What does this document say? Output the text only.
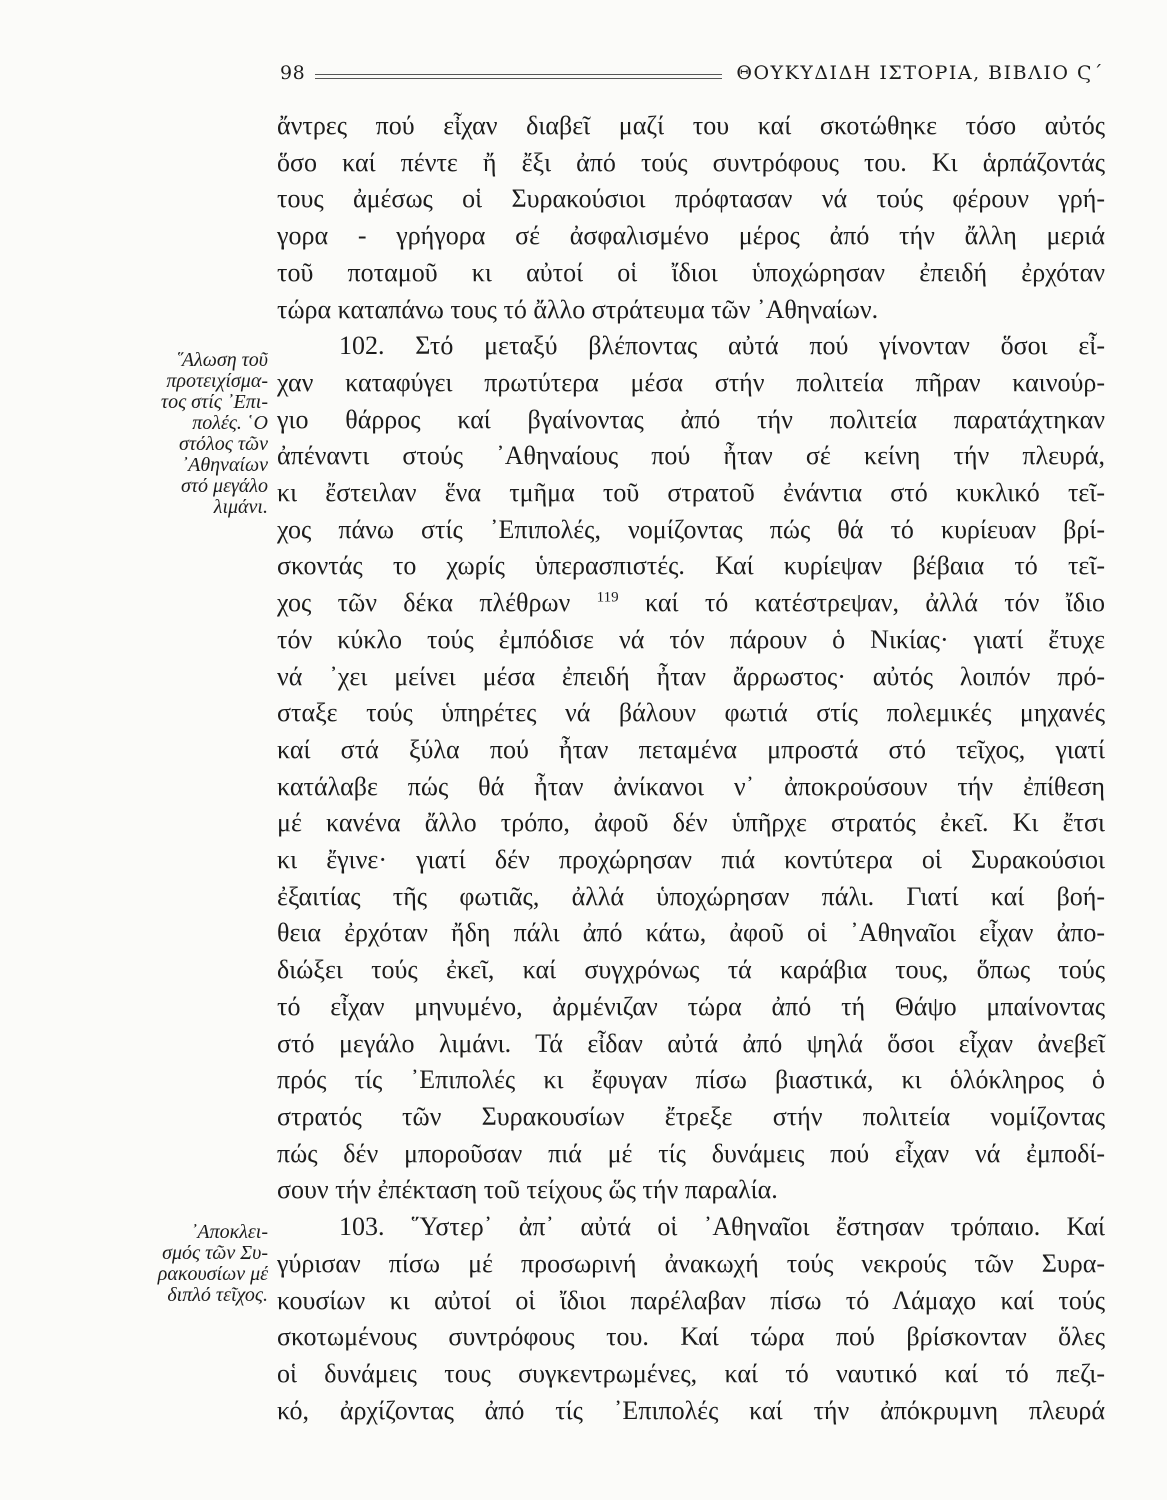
98	ΘΟΥΚΥΔΙΔΗ ΙΣΤΟΡΙΑ, ΒΙΒΛΙΟ Ϛ΄
῞Αλωση τοῦ
προτειχίσμα-
τος στίς ᾿Επι-
πολές. ῾Ο
στόλος τῶν
᾿Αθηναίων
στό μεγάλο
λιμάνι.
᾿Αποκλει-
σμός τῶν Συ-
ρακουσίων μέ
διπλό τεῖχος.
ἄντρες πού εἶχαν διαβεῖ μαζί του καί σκοτώθηκε τόσο αὐτός
ὅσο καί πέντε ἤ ἔξι ἀπό τούς συντρόφους του. Κι ἁρπάζοντάς
τους ἀμέσως οἱ Συρακούσιοι πρόφτασαν νά τούς φέρουν γρή-
γορα - γρήγορα σέ ἀσφαλισμένο μέρος ἀπό τήν ἄλλη μεριά
τοῦ ποταμοῦ κι αὐτοί οἱ ἴδιοι ὑποχώρησαν ἐπειδή ἐρχόταν
τώρα καταπάνω τους τό ἄλλο στράτευμα τῶν ᾿Αθηναίων.
102. Στό μεταξύ βλέποντας αὐτά πού γίνονταν ὅσοι εἶ-
χαν καταφύγει πρωτύτερα μέσα στήν πολιτεία πῆραν καινούρ-
γιο θάρρος καί βγαίνοντας ἀπό τήν πολιτεία παρατάχτηκαν
ἀπέναντι στούς ᾿Αθηναίους πού ἦταν σέ κείνη τήν πλευρά,
κι ἔστειλαν ἕνα τμῆμα τοῦ στρατοῦ ἐνάντια στό κυκλικό τεῖ-
χος πάνω στίς ᾿Επιπολές, νομίζοντας πώς θά τό κυρίευαν βρί-
σκοντάς το χωρίς ὑπερασπιστές. Καί κυρίεψαν βέβαια τό τεῖ-
χος τῶν δέκα πλέθρων $^{119}$ καί τό κατέστρεψαν, ἀλλά τόν ἴδιο
τόν κύκλο τούς ἐμπόδισε νά τόν πάρουν ὁ Νικίας· γιατί ἔτυχε
νά ᾿χει μείνει μέσα ἐπειδή ἦταν ἄρρωστος· αὐτός λοιπόν πρό-
σταξε τούς ὑπηρέτες νά βάλουν φωτιά στίς πολεμικές μηχανές
καί στά ξύλα πού ἦταν πεταμένα μπροστά στό τεῖχος, γιατί
κατάλαβε πώς θά ἦταν ἀνίκανοι ν᾿ ἀποκρούσουν τήν ἐπίθεση
μέ κανένα ἄλλο τρόπο, ἀφοῦ δέν ὑπῆρχε στρατός ἐκεῖ. Κι ἔτσι
κι ἔγινε· γιατί δέν προχώρησαν πιά κοντύτερα οἱ Συρακούσιοι
ἐξαιτίας τῆς φωτιᾶς, ἀλλά ὑποχώρησαν πάλι. Γιατί καί βοή-
θεια ἐρχόταν ἤδη πάλι ἀπό κάτω, ἀφοῦ οἱ ᾿Αθηναῖοι εἶχαν ἀπο-
διώξει τούς ἐκεῖ, καί συγχρόνως τά καράβια τους, ὅπως τούς
τό εἶχαν μηνυμένο, ἀρμένιζαν τώρα ἀπό τή Θάψο μπαίνοντας
στό μεγάλο λιμάνι. Τά εἶδαν αὐτά ἀπό ψηλά ὅσοι εἶχαν ἀνεβεῖ
πρός τίς ᾿Επιπολές κι ἔφυγαν πίσω βιαστικά, κι ὁλόκληρος ὁ
στρατός τῶν Συρακουσίων ἔτρεξε στήν πολιτεία νομίζοντας
πώς δέν μποροῦσαν πιά μέ τίς δυνάμεις πού εἶχαν νά ἐμποδί-
σουν τήν ἐπέκταση τοῦ τείχους ὥς τήν παραλία.
103. ῞Υστερ᾿ ἀπ᾿ αὐτά οἱ ᾿Αθηναῖοι ἔστησαν τρόπαιο. Καί
γύρισαν πίσω μέ προσωρινή ἀνακωχή τούς νεκρούς τῶν Συρα-
κουσίων κι αὐτοί οἱ ἴδιοι παρέλαβαν πίσω τό Λάμαχο καί τούς
σκοτωμένους συντρόφους του. Καί τώρα πού βρίσκονταν ὅλες
οἱ δυνάμεις τους συγκεντρωμένες, καί τό ναυτικό καί τό πεζι-
κό, ἀρχίζοντας ἀπό τίς ᾿Επιπολές καί τήν ἀπόκρυμνη πλευρά
